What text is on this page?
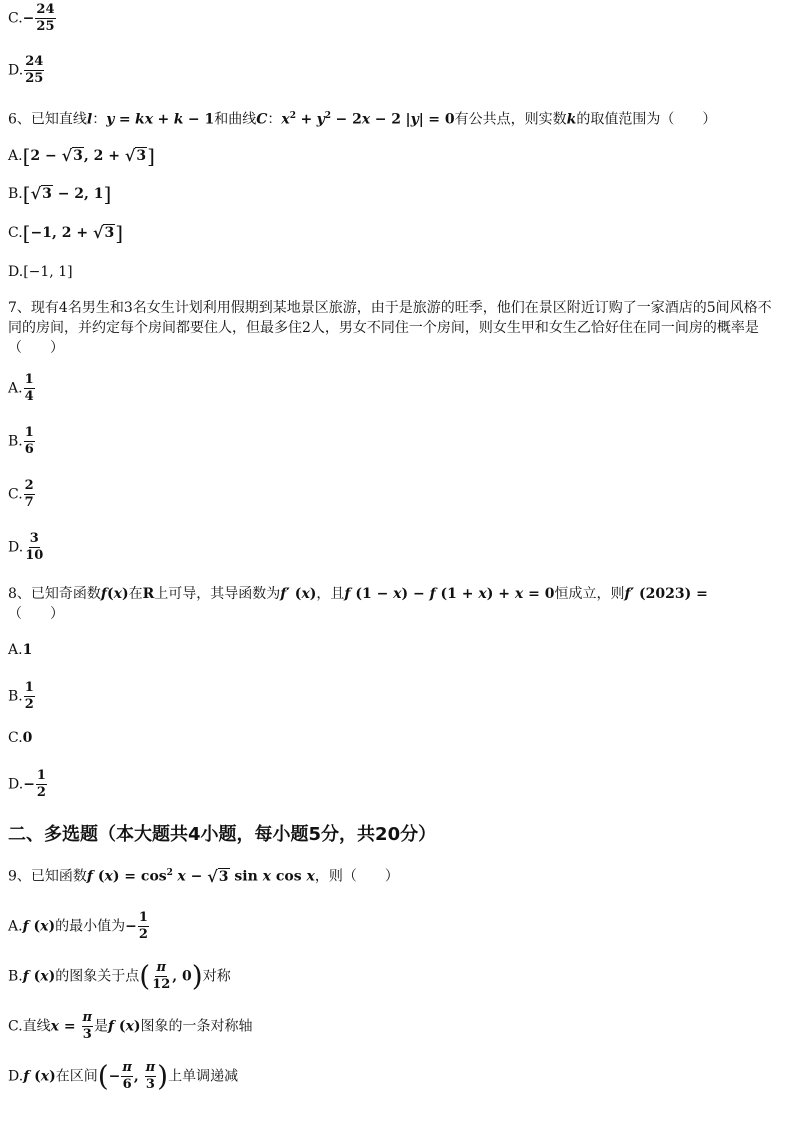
$C.- \frac{24}{25}$
D. $\frac{24}{25}$
6、已知直线l：y = kx + k − 1和曲线C：$x^2 + y^2 - 2x - 2$ |y| = 0有公共点，则实数k的取值范围为（　　）
A.[2 − √ 3 , 2 + √ 3 ]
B.[ √ 3 − 2, 1]
C.[−1, 2 + √ 3 ]
D.[−1, 1]
7、现有4名男生和3名女生计划利用假期到某地景区旅游，由于是旅游的旺季，他们在景区附近订购了一家酒店的5间风格不同的房间，并约定每个房间都要住人，但最多住2人，男女不同住一个房间，则女生甲和女生乙恰好住在同一间房的概率是（　　）
A. $\frac{1}{4}$
B. $\frac{1}{6}$
C. $\frac{2}{7}$
D. $\frac{3}{10}$
8、已知奇函数f(x)在R上可导，其导函数为f′ (x)，且f (1 − x) − f (1 + x) + x = 0恒成立，则f′ (2023) =
（　　）
A.1
B. $\frac{1}{2}$
C.0
$D.- \frac{1}{2}$
二、多选题（本大题共4小题，每小题5分，共20分）
9、已知函数f $(x) = \cos^2 x$ − √ 3 sin x cos x，则（　　）
A.f (x)的最小值为− $\frac{1}{2}$
B.f (x)的图象关于点( $\frac{\pi}{12}$ , 0)对称
C.直线$x = \frac{\pi}{3}$ 是f (x)图象的一条对称轴
D.f (x)在区间(− $\frac{\pi}{6}$ , $\frac{\pi}{3}$ )上单调递减
